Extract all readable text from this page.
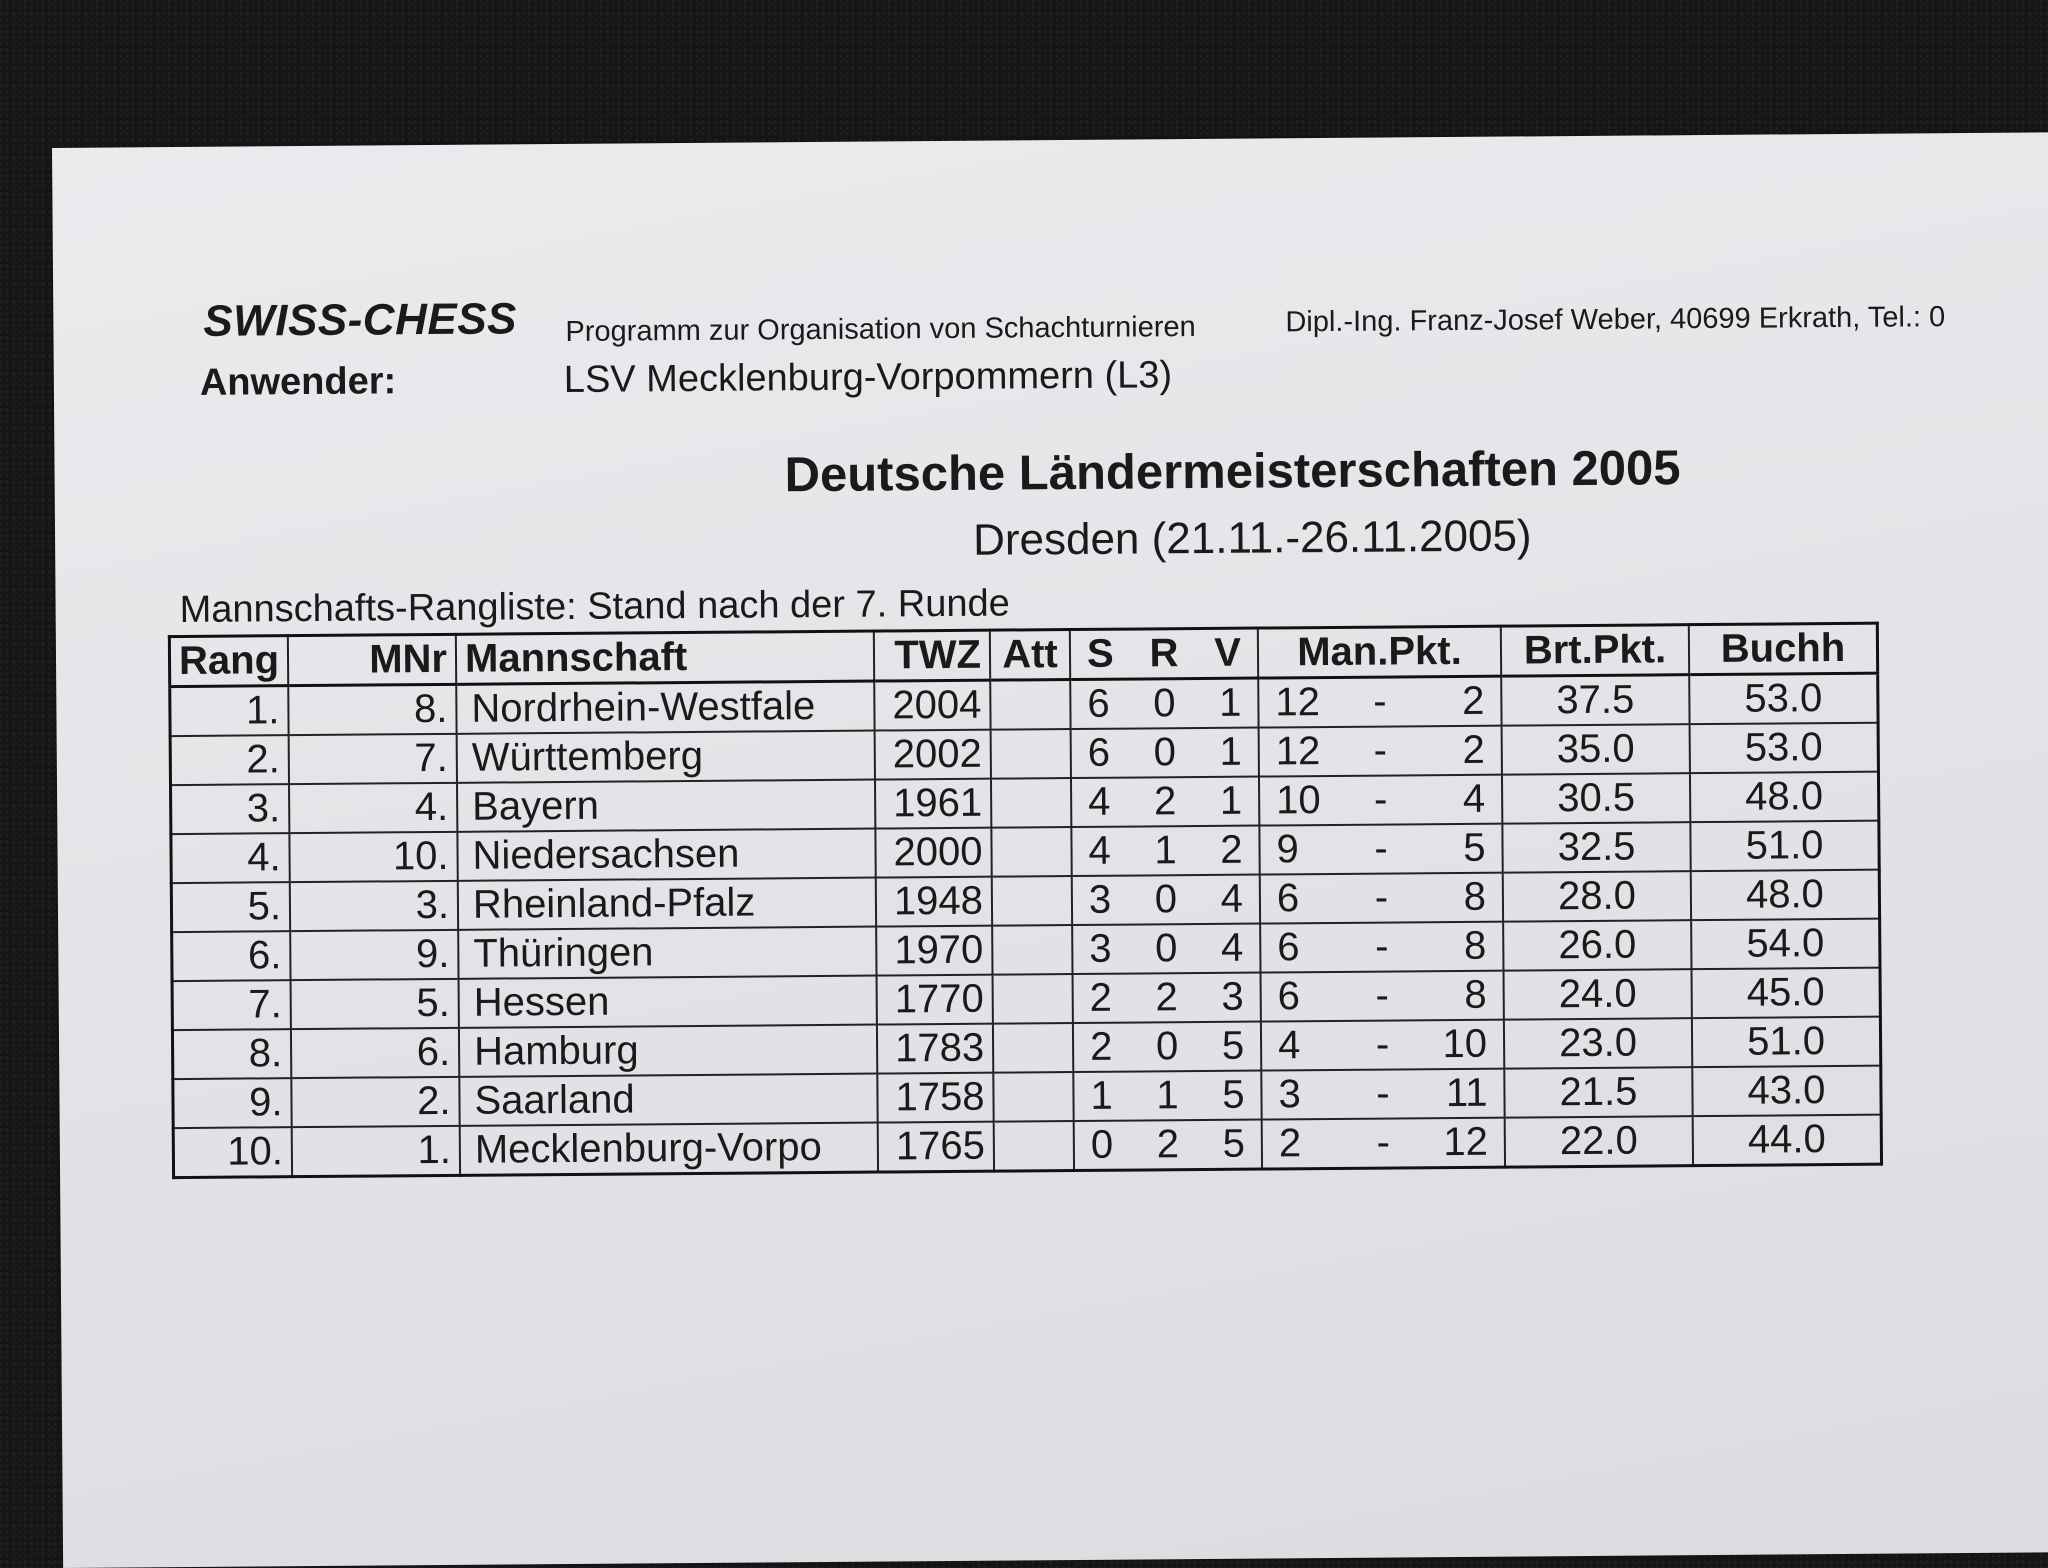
SWISS-CHESS Programm zur Organisation von Schachturnieren	Dipl.-Ing. Franz-Josef Weber, 40699 Erkrath, Tel.: 0
Anwender:	LSV Mecklenburg-Vorpommern (L3)
Deutsche Ländermeisterschaften 2005
Dresden (21.11.-26.11.2005)
Mannschafts-Rangliste: Stand nach der 7. Runde
Rang	MNr	Mannschaft	TWZ	Att	S R V	Man.Pkt.	Brt.Pkt.	Buchh
1.	8.	Nordrhein-Westfale	2004		6 0 1	12 - 2	37.5	53.0
2.	7.	Württemberg	2002		6 0 1	12 - 2	35.0	53.0
3.	4.	Bayern	1961		4 2 1	10 - 4	30.5	48.0
4.	10.	Niedersachsen	2000		4 1 2	9 - 5	32.5	51.0
5.	3.	Rheinland-Pfalz	1948		3 0 4	6 - 8	28.0	48.0
6.	9.	Thüringen	1970		3 0 4	6 - 8	26.0	54.0
7.	5.	Hessen	1770		2 2 3	6 - 8	24.0	45.0
8.	6.	Hamburg	1783		2 0 5	4 - 10	23.0	51.0
9.	2.	Saarland	1758		1 1 5	3 - 11	21.5	43.0
10.	1.	Mecklenburg-Vorpo	1765		0 2 5	2 - 12	22.0	44.0
